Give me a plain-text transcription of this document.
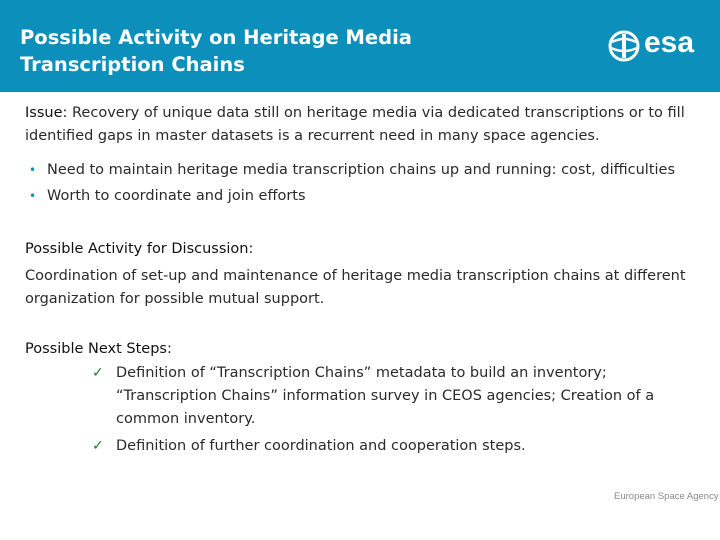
Possible Activity on Heritage Media
Transcription Chains
esa
Issue: Recovery of unique data still on heritage media via dedicated transcriptions or to fill identified gaps in master datasets is a recurrent need in many space agencies.
• Need to maintain heritage media transcription chains up and running: cost, difficulties
• Worth to coordinate and join efforts
Possible Activity for Discussion:
Coordination of set-up and maintenance of heritage media transcription chains at different organization for possible mutual support.
Possible Next Steps:
✓ Definition of “Transcription Chains” metadata to build an inventory; “Transcription Chains” information survey in CEOS agencies; Creation of a common inventory.
✓ Definition of further coordination and cooperation steps.
European Space Agency
